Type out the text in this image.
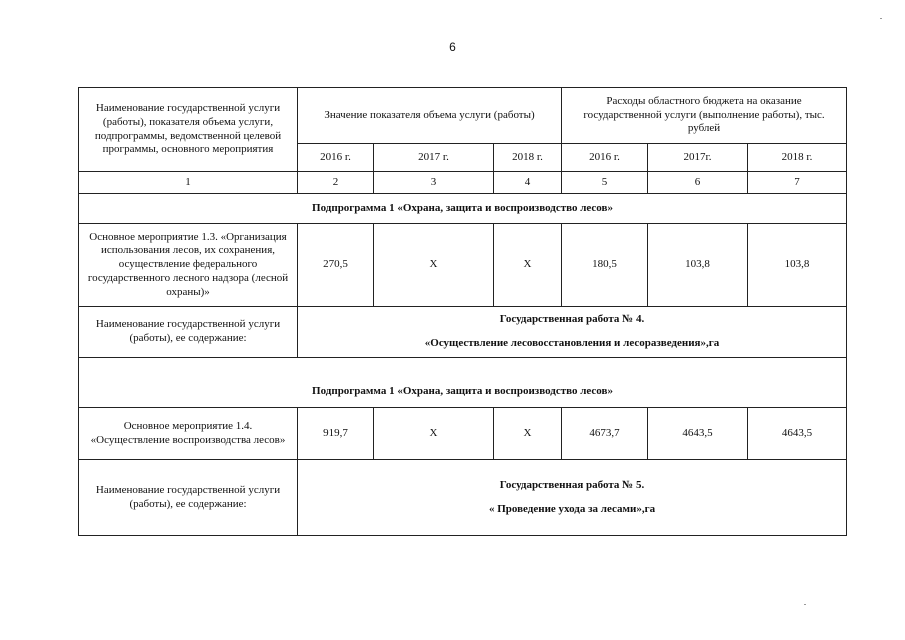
6
Наименование государственной услуги (работы), показателя объема услуги, подпрограммы, ведомственной целевой программы, основного мероприятия	Значение показателя объема услуги (работы)			Расходы областного бюджета на оказание государственной услуги (выполнение работы), тыс. рублей		
	2016 г.	2017 г.	2018 г.	2016 г.	2017г.	2018 г.
1	2	3	4	5	6	7
Подпрограмма 1 «Охрана, защита и воспроизводство лесов»						
Основное мероприятие 1.3. «Организация использования лесов, их сохранения, осуществление федерального государственного лесного надзора (лесной охраны)»	270,5	X	X	180,5	103,8	103,8
Наименование государственной услуги (работы), ее содержание:	Государственная работа № 4.
«Осуществление лесовосстановления и лесоразведения»,га					
Подпрограмма 1 «Охрана, защита и воспроизводство лесов»						
Основное мероприятие 1.4. «Осуществление воспроизводства лесов»	919,7	X	X	4673,7	4643,5	4643,5
Наименование государственной услуги (работы), ее содержание:	Государственная работа № 5.
« Проведение ухода за лесами»,га					
